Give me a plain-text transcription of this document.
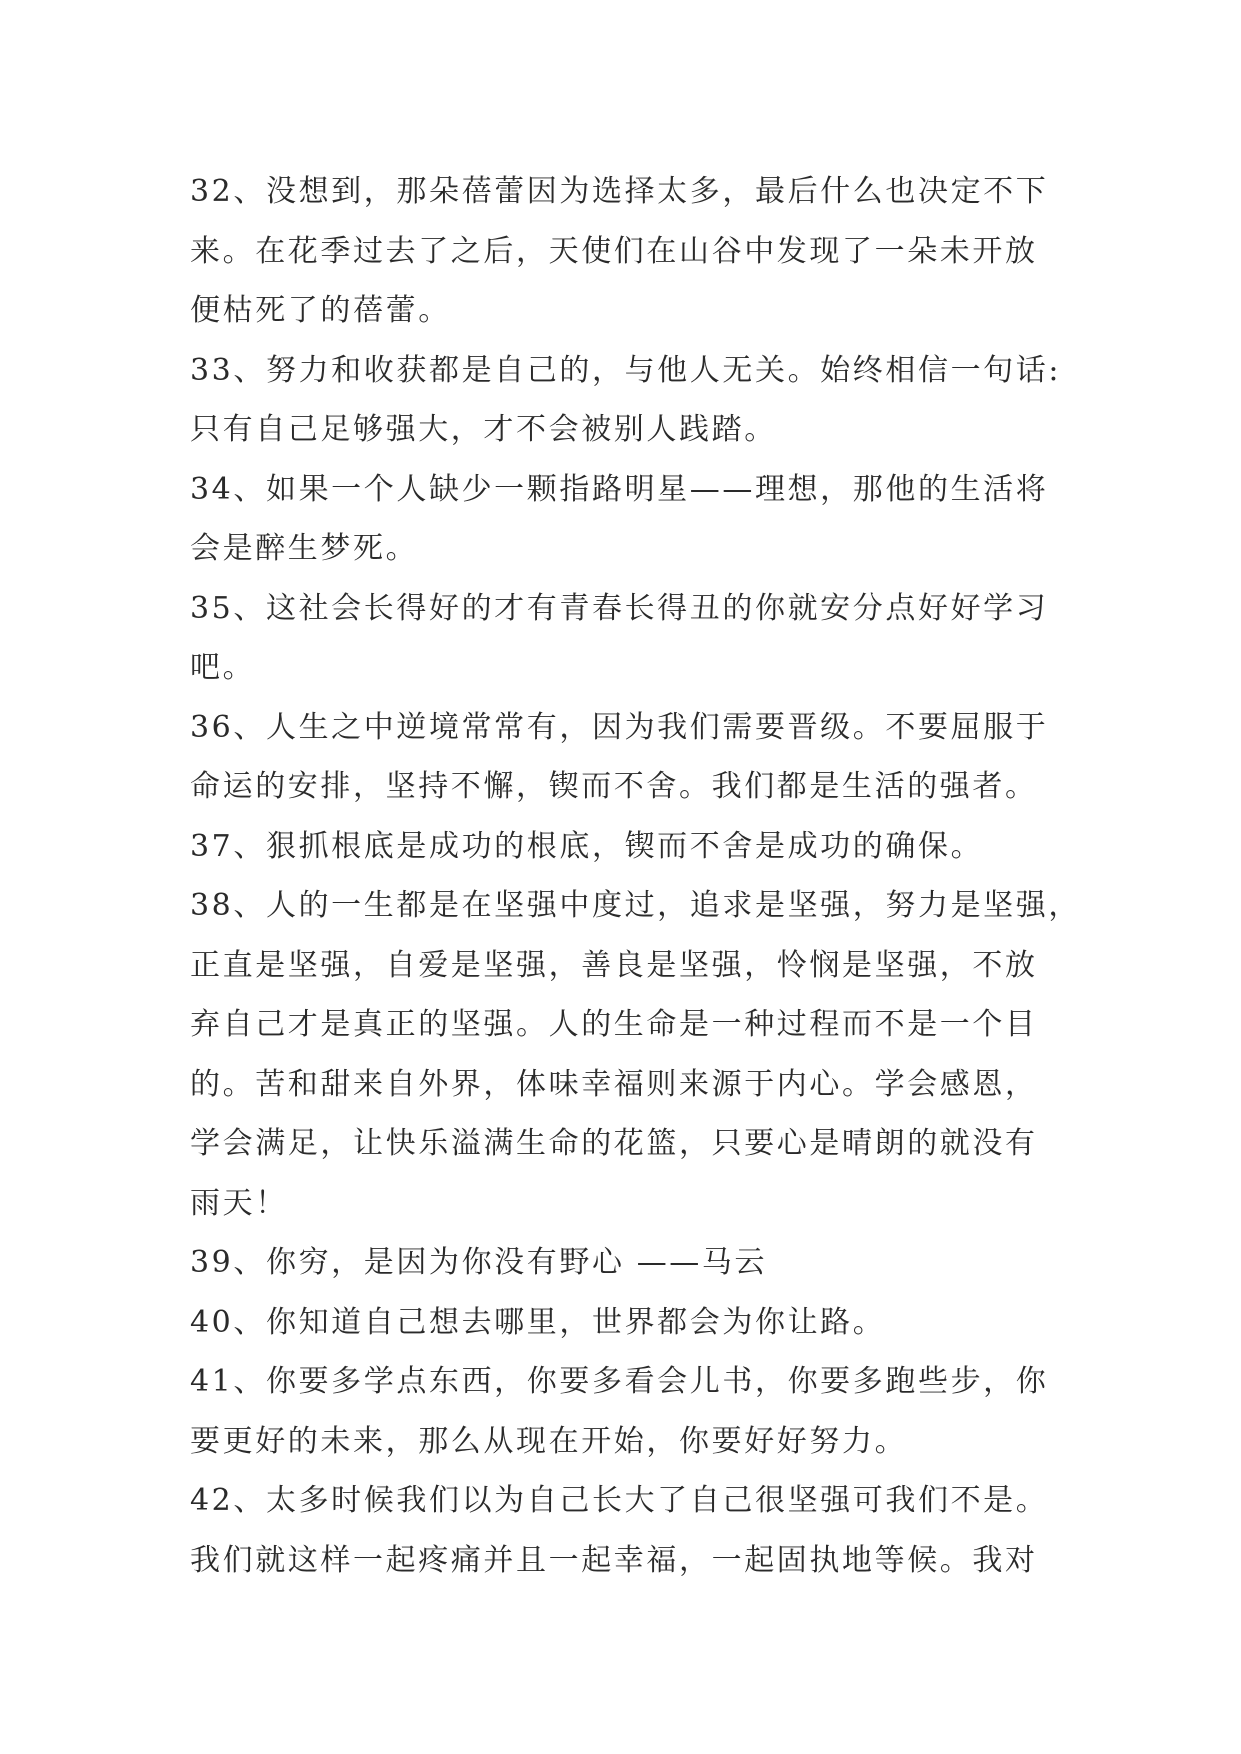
32、没想到，那朵蓓蕾因为选择太多，最后什么也决定不下
来。在花季过去了之后，天使们在山谷中发现了一朵未开放
便枯死了的蓓蕾。
33、努力和收获都是自己的，与他人无关。始终相信一句话:
只有自己足够强大，才不会被别人践踏。
34、如果一个人缺少一颗指路明星——理想，那他的生活将
会是醉生梦死。
35、这社会长得好的才有青春长得丑的你就安分点好好学习
吧。
36、人生之中逆境常常有，因为我们需要晋级。不要屈服于
命运的安排，坚持不懈，锲而不舍。我们都是生活的强者。
37、狠抓根底是成功的根底，锲而不舍是成功的确保。
38、人的一生都是在坚强中度过，追求是坚强，努力是坚强，
正直是坚强，自爱是坚强，善良是坚强，怜悯是坚强，不放
弃自己才是真正的坚强。人的生命是一种过程而不是一个目
的。苦和甜来自外界，体味幸福则来源于内心。学会感恩，
学会满足，让快乐溢满生命的花篮，只要心是晴朗的就没有
雨天！
39、你穷，是因为你没有野心 ——马云
40、你知道自己想去哪里，世界都会为你让路。
41、你要多学点东西，你要多看会儿书，你要多跑些步，你
要更好的未来，那么从现在开始，你要好好努力。
42、太多时候我们以为自己长大了自己很坚强可我们不是。
我们就这样一起疼痛并且一起幸福，一起固执地等候。我对
